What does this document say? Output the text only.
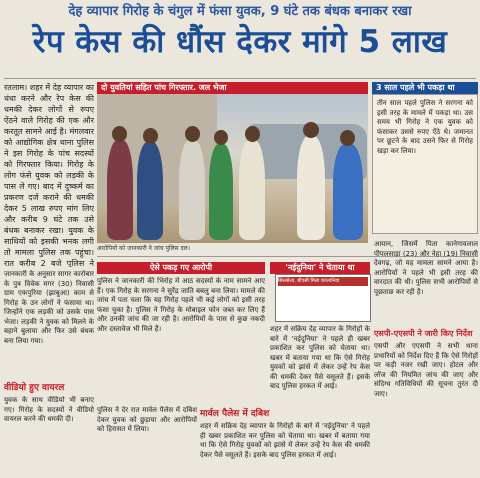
देह व्यापार गिरोह के चंगुल में फंसा युवक, 9 घंटे तक बंधक बनाकर रखा
रेप केस की धौंस देकर मांगे 5 लाख

रतलाम। शहर में देह व्यापार का धंधा करने और रेप केस की धमकी देकर लोगों से रुपए ऐंठने वाले गिरोह की एक और करतूत सामने आई है। मंगलवार को आद्योगिक क्षेत्र थाना पुलिस ने इस गिरोह के पांच सदस्यों को गिरफ्तार किया। गिरोह के लोग फंसे युवक को लड़की के पास ले गए। बाद में दुष्कर्म का प्रकरण दर्ज कराने की धमकी देकर 5 लाख रुपए मांग लिए और करीब 9 घंटे तक उसे बंधक बनाकर रखा। युवक के साथियों को इसकी भनक लगी तो मामला पुलिस तक पहुंचा। रात करीब 2 बजे पुलिस ने

दो युवतियां सहित पांच गिरफ्तार. जल भेजा
आरोपियों को जानकारी ने जांच पुलिस दल।
3 साल पहले भी पकड़ा था

तीन साल पहले पुलिस ने सरगना को इसी तरह के मामले में पकड़ा था। उस समय भी गिरोह ने एक युवक को फंसाकर उससे रुपए ऐंठे थे। जमानत पर छूटने के बाद उसने फिर से गिरोह खड़ा कर लिया।

ऐसे पकड़ गए आरोपी	'नईदुनिया' ने चेताया था

पुलिस ने जानकारी की भिरोह में आठ सदस्यों के नाम सामने आए हैं। एक गिरोह के सरगना ने सुरेंद्र जाति बबलु बना लिया। मामले की जांच में पता चला कि यह गिरोह पहले भी कई लोगों को इसी तरह फंसा चुका है। पुलिस ने गिरोह के मोबाइल फोन जब्त कर लिए हैं और उनकी जांच की जा रही है। आरोपियों के पास से कुछ नकदी और दस्तावेज भी मिले हैं।

सिलसेला, बीएसी मिला कप्लानिया

शहर में सक्रिय देह व्यापार के गिरोहों के बारे में 'नईदुनिया' ने पहले ही खबर प्रकाशित कर पुलिस को चेताया था। खबर में बताया गया था कि ऐसे गिरोह युवकों को झांसे में लेकर उन्हें रेप केस की धमकी देकर पैसे वसूलते हैं। इसके बाद पुलिस हरकत में आई।

आयान, जिसमें पिता कानेगावलाल पीपलसाड़ा (23) और नेहा (19) निवासी देवगढ़, जो यह मामला सामने आया है। आरोपियों ने पहले भी इसी तरह की वारदात की थी। पुलिस सभी आरोपियों से पूछताछ कर रही है।

एसपी-एएसपी ने जारी किए निर्देश

एसपी और एएसपी ने सभी थाना प्रभारियों को निर्देश दिए हैं कि ऐसे गिरोहों पर कड़ी नजर रखी जाए। होटल और लॉज की नियमित जांच की जाए और संदिग्ध गतिविधियों की सूचना तुरंत दी जाए।

जानकारी के अनुसार सागर कारोबार के पुत्र विवेक मगर (30) निवासी ग्राम एकपुरिया (झाबुआ) काम से गिरोह के उन लोगों ने फंसाया था। जिन्होंने एक लड़की को उसके पास भेजा। लड़की ने युवक को मिलने के बहाने बुलाया और फिर उसे बंधक बना लिया गया।

वीडियो हुए वायरल

युवक के साथ वीडियो भी बनाए गए। गिरोह के सदस्यों ने वीडियो वायरल करने की धमकी दी।

पुलिस ने देर रात मार्वल पैलेस में दबिश देकर युवक को छुड़ाया और आरोपियों को हिरासत में लिया।

मार्वल पैलेस में दबिश

शहर में सक्रिय देह व्यापार के गिरोहों के बारे में 'नईदुनिया' ने पहले ही खबर प्रकाशित कर पुलिस को चेताया था। खबर में बताया गया था कि ऐसे गिरोह युवकों को झांसे में लेकर उन्हें रेप केस की धमकी देकर पैसे वसूलते हैं। इसके बाद पुलिस हरकत में आई।
